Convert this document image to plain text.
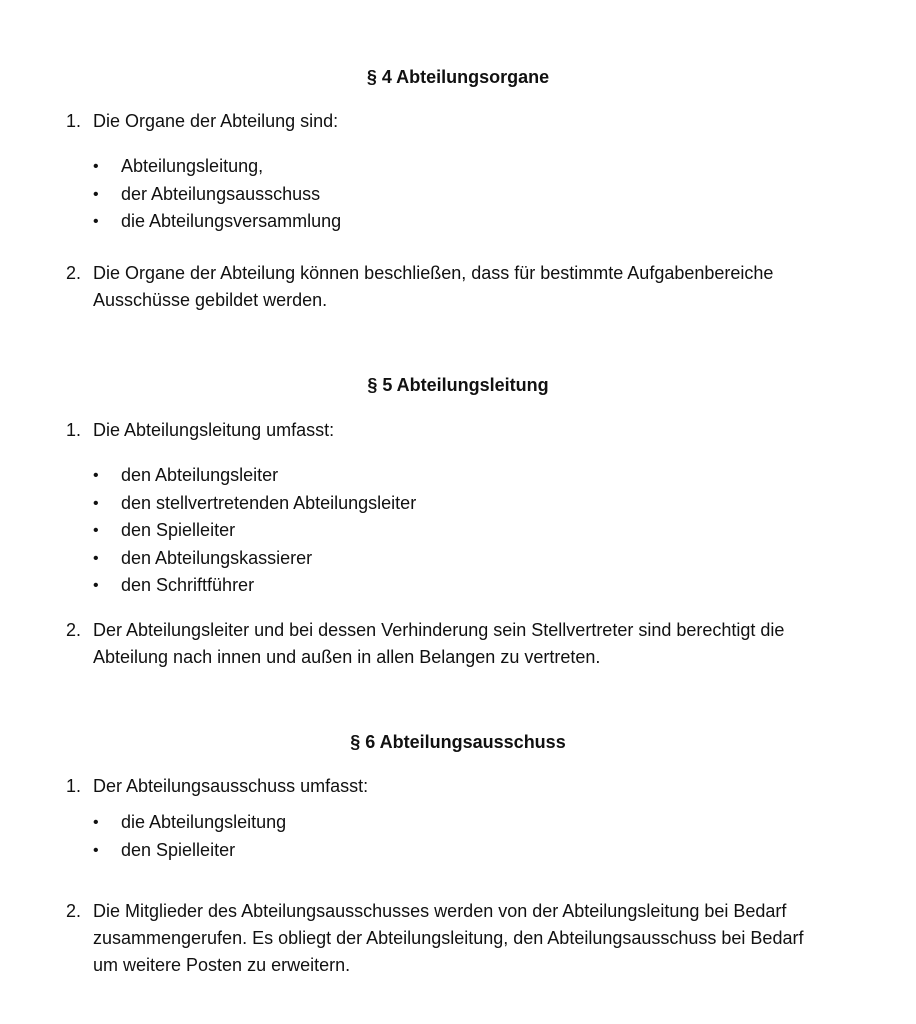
§ 4 Abteilungsorgane

1. Die Organe der Abteilung sind:

• Abteilungsleitung,
• der Abteilungsausschuss
• die Abteilungsversammlung

2. Die Organe der Abteilung können beschließen, dass für bestimmte Aufgabenbereiche
Ausschüsse gebildet werden.

§ 5 Abteilungsleitung

1. Die Abteilungsleitung umfasst:

• den Abteilungsleiter
• den stellvertretenden Abteilungsleiter
• den Spielleiter
• den Abteilungskassierer
• den Schriftführer

2. Der Abteilungsleiter und bei dessen Verhinderung sein Stellvertreter sind berechtigt die
Abteilung nach innen und außen in allen Belangen zu vertreten.

§ 6 Abteilungsausschuss

1. Der Abteilungsausschuss umfasst:

• die Abteilungsleitung
• den Spielleiter

2. Die Mitglieder des Abteilungsausschusses werden von der Abteilungsleitung bei Bedarf
zusammengerufen. Es obliegt der Abteilungsleitung, den Abteilungsausschuss bei Bedarf
um weitere Posten zu erweitern.
